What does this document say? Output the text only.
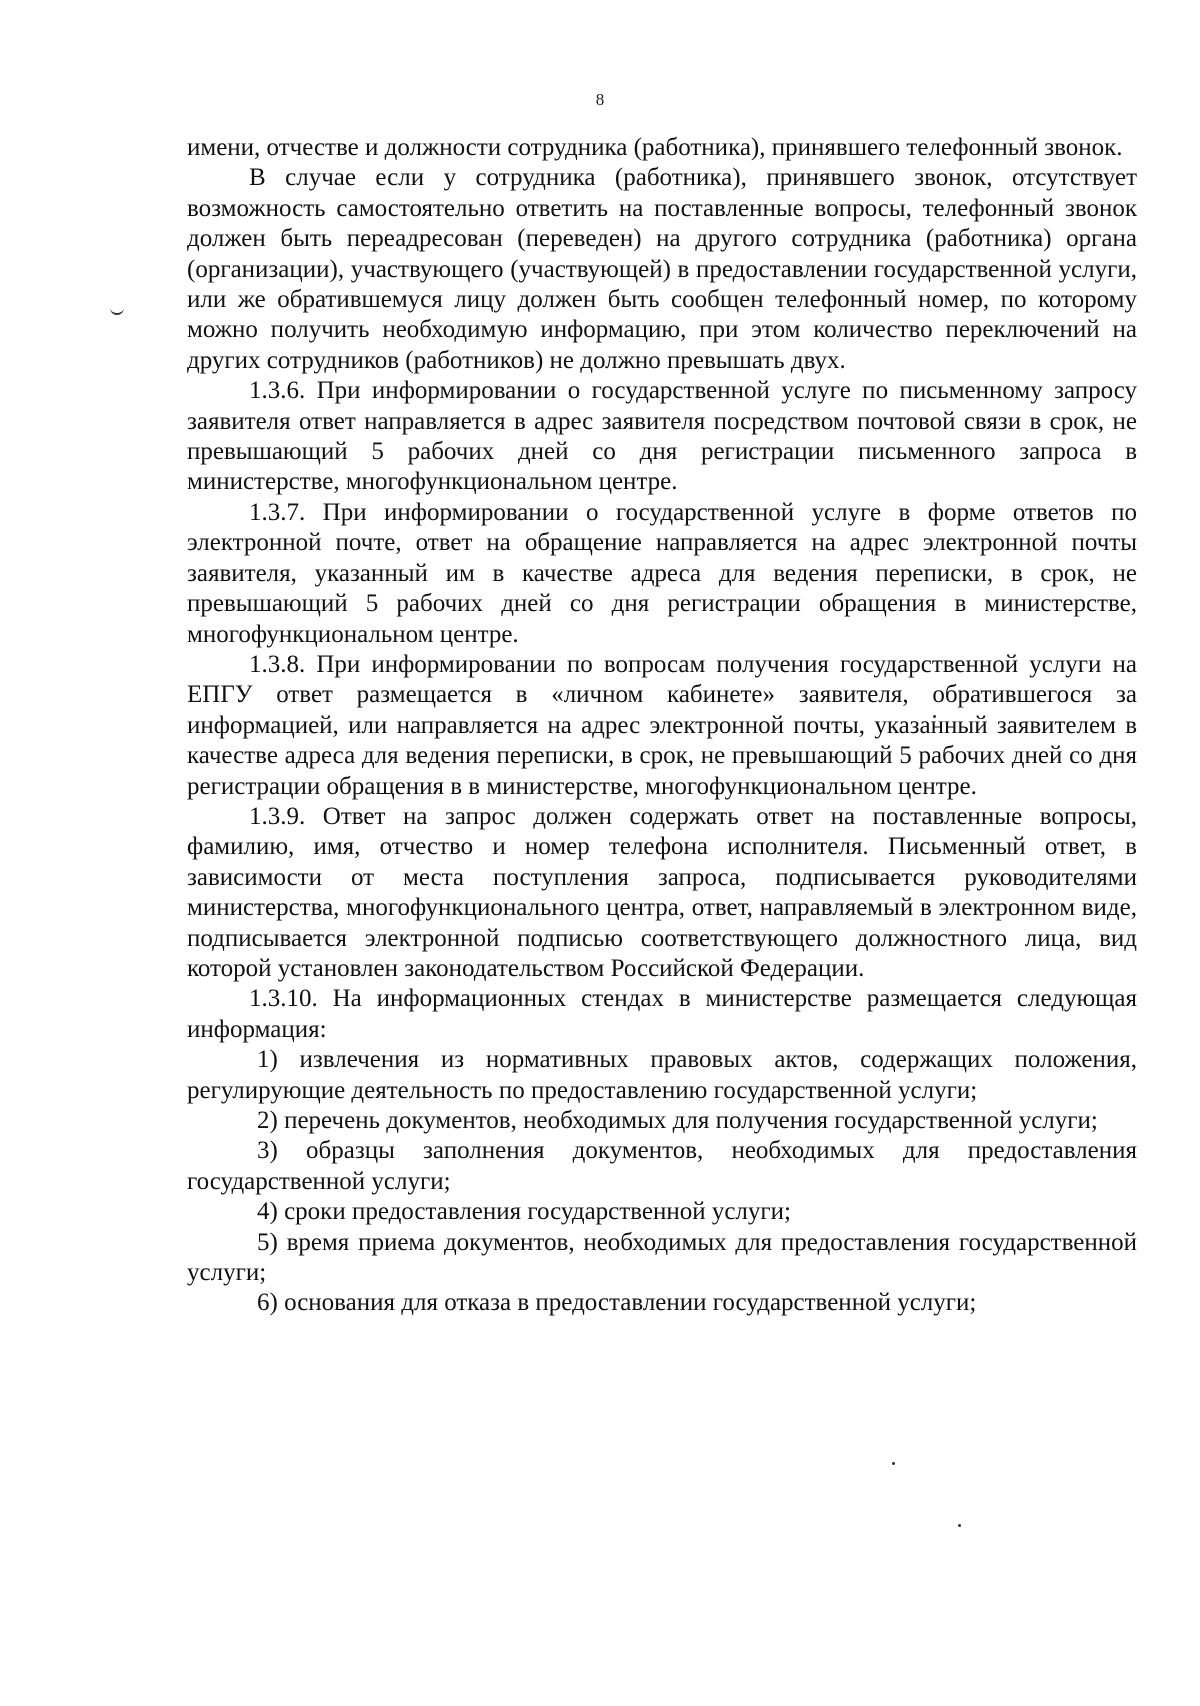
8

имени, отчестве и должности сотрудника (работника), принявшего телефонный звонок.

В случае если у сотрудника (работника), принявшего звонок, отсутствует возможность самостоятельно ответить на поставленные вопросы, телефонный звонок должен быть переадресован (переведен) на другого сотрудника (работника) органа (организации), участвующего (участвующей) в предоставлении государственной услуги, или же обратившемуся лицу должен быть сообщен телефонный номер, по которому можно получить необходимую информацию, при этом количество переключений на других сотрудников (работников) не должно превышать двух.

1.3.6. При информировании о государственной услуге по письменному запросу заявителя ответ направляется в адрес заявителя посредством почтовой связи в срок, не превышающий 5 рабочих дней со дня регистрации письменного запроса в министерстве, многофункциональном центре.

1.3.7. При информировании о государственной услуге в форме ответов по электронной почте, ответ на обращение направляется на адрес электронной почты заявителя, указанный им в качестве адреса для ведения переписки, в срок, не превышающий 5 рабочих дней со дня регистрации обращения в министерстве, многофункциональном центре.

1.3.8. При информировании по вопросам получения государственной услуги на ЕПГУ ответ размещается в «личном кабинете» заявителя, обратившегося за информацией, или направляется на адрес электронной почты, указанный заявителем в качестве адреса для ведения переписки, в срок, не превышающий 5 рабочих дней со дня регистрации обращения в в министерстве, многофункциональном центре.

1.3.9. Ответ на запрос должен содержать ответ на поставленные вопросы, фамилию, имя, отчество и номер телефона исполнителя. Письменный ответ, в зависимости от места поступления запроса, подписывается руководителями министерства, многофункционального центра, ответ, направляемый в электронном виде, подписывается электронной подписью соответствующего должностного лица, вид которой установлен законодательством Российской Федерации.

1.3.10. На информационных стендах в министерстве размещается следующая информация:

1) извлечения из нормативных правовых актов, содержащих положения, регулирующие деятельность по предоставлению государственной услуги;

2) перечень документов, необходимых для получения государственной услуги;

3) образцы заполнения документов, необходимых для предоставления государственной услуги;

4) сроки предоставления государственной услуги;

5) время приема документов, необходимых для предоставления государственной услуги;

6) основания для отказа в предоставлении государственной услуги;
